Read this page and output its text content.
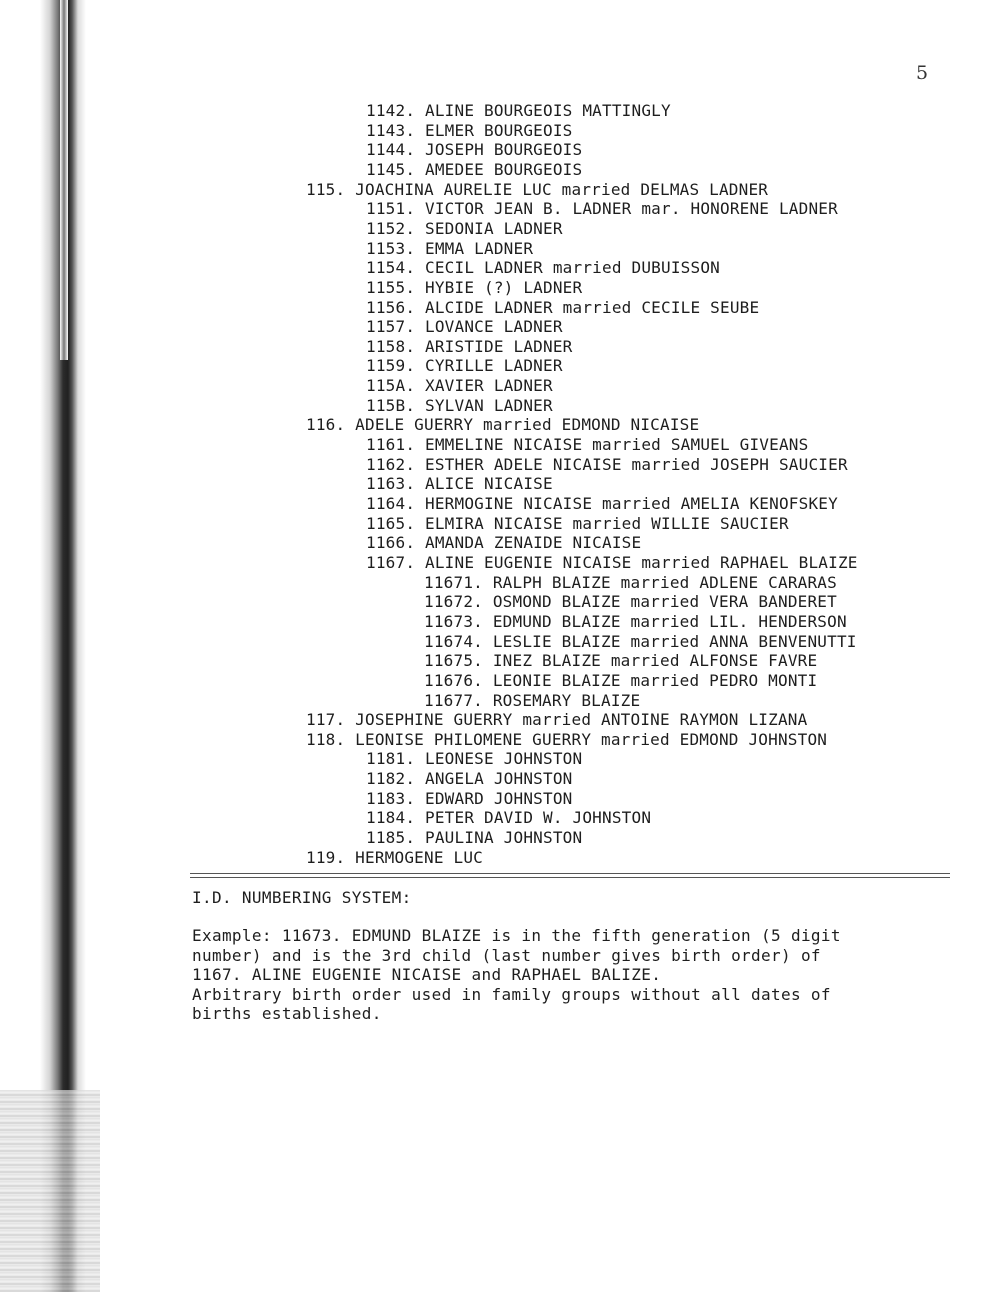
5
1142. ALINE BOURGEOIS MATTINGLY
1143. ELMER BOURGEOIS
1144. JOSEPH BOURGEOIS
1145. AMEDEE BOURGEOIS
115. JOACHINA AURELIE LUC married DELMAS LADNER
1151. VICTOR JEAN B. LADNER mar. HONORENE LADNER
1152. SEDONIA LADNER
1153. EMMA LADNER
1154. CECIL LADNER married DUBUISSON
1155. HYBIE (?) LADNER
1156. ALCIDE LADNER married CECILE SEUBE
1157. LOVANCE LADNER
1158. ARISTIDE LADNER
1159. CYRILLE LADNER
115A. XAVIER LADNER
115B. SYLVAN LADNER
116. ADELE GUERRY married EDMOND NICAISE
1161. EMMELINE NICAISE married SAMUEL GIVEANS
1162. ESTHER ADELE NICAISE married JOSEPH SAUCIER
1163. ALICE NICAISE
1164. HERMOGINE NICAISE married AMELIA KENOFSKEY
1165. ELMIRA NICAISE married WILLIE SAUCIER
1166. AMANDA ZENAIDE NICAISE
1167. ALINE EUGENIE NICAISE married RAPHAEL BLAIZE
11671. RALPH BLAIZE married ADLENE CARARAS
11672. OSMOND BLAIZE married VERA BANDERET
11673. EDMUND BLAIZE married LIL. HENDERSON
11674. LESLIE BLAIZE married ANNA BENVENUTTI
11675. INEZ BLAIZE married ALFONSE FAVRE
11676. LEONIE BLAIZE married PEDRO MONTI
11677. ROSEMARY BLAIZE
117. JOSEPHINE GUERRY married ANTOINE RAYMON LIZANA
118. LEONISE PHILOMENE GUERRY married EDMOND JOHNSTON
1181. LEONESE JOHNSTON
1182. ANGELA JOHNSTON
1183. EDWARD JOHNSTON
1184. PETER DAVID W. JOHNSTON
1185. PAULINA JOHNSTON
119. HERMOGENE LUC
I.D. NUMBERING SYSTEM:
Example: 11673. EDMUND BLAIZE is in the fifth generation (5 digit
number) and is the 3rd child (last number gives birth order) of
1167. ALINE EUGENIE NICAISE and RAPHAEL BALIZE.
Arbitrary birth order used in family groups without all dates of
births established.
